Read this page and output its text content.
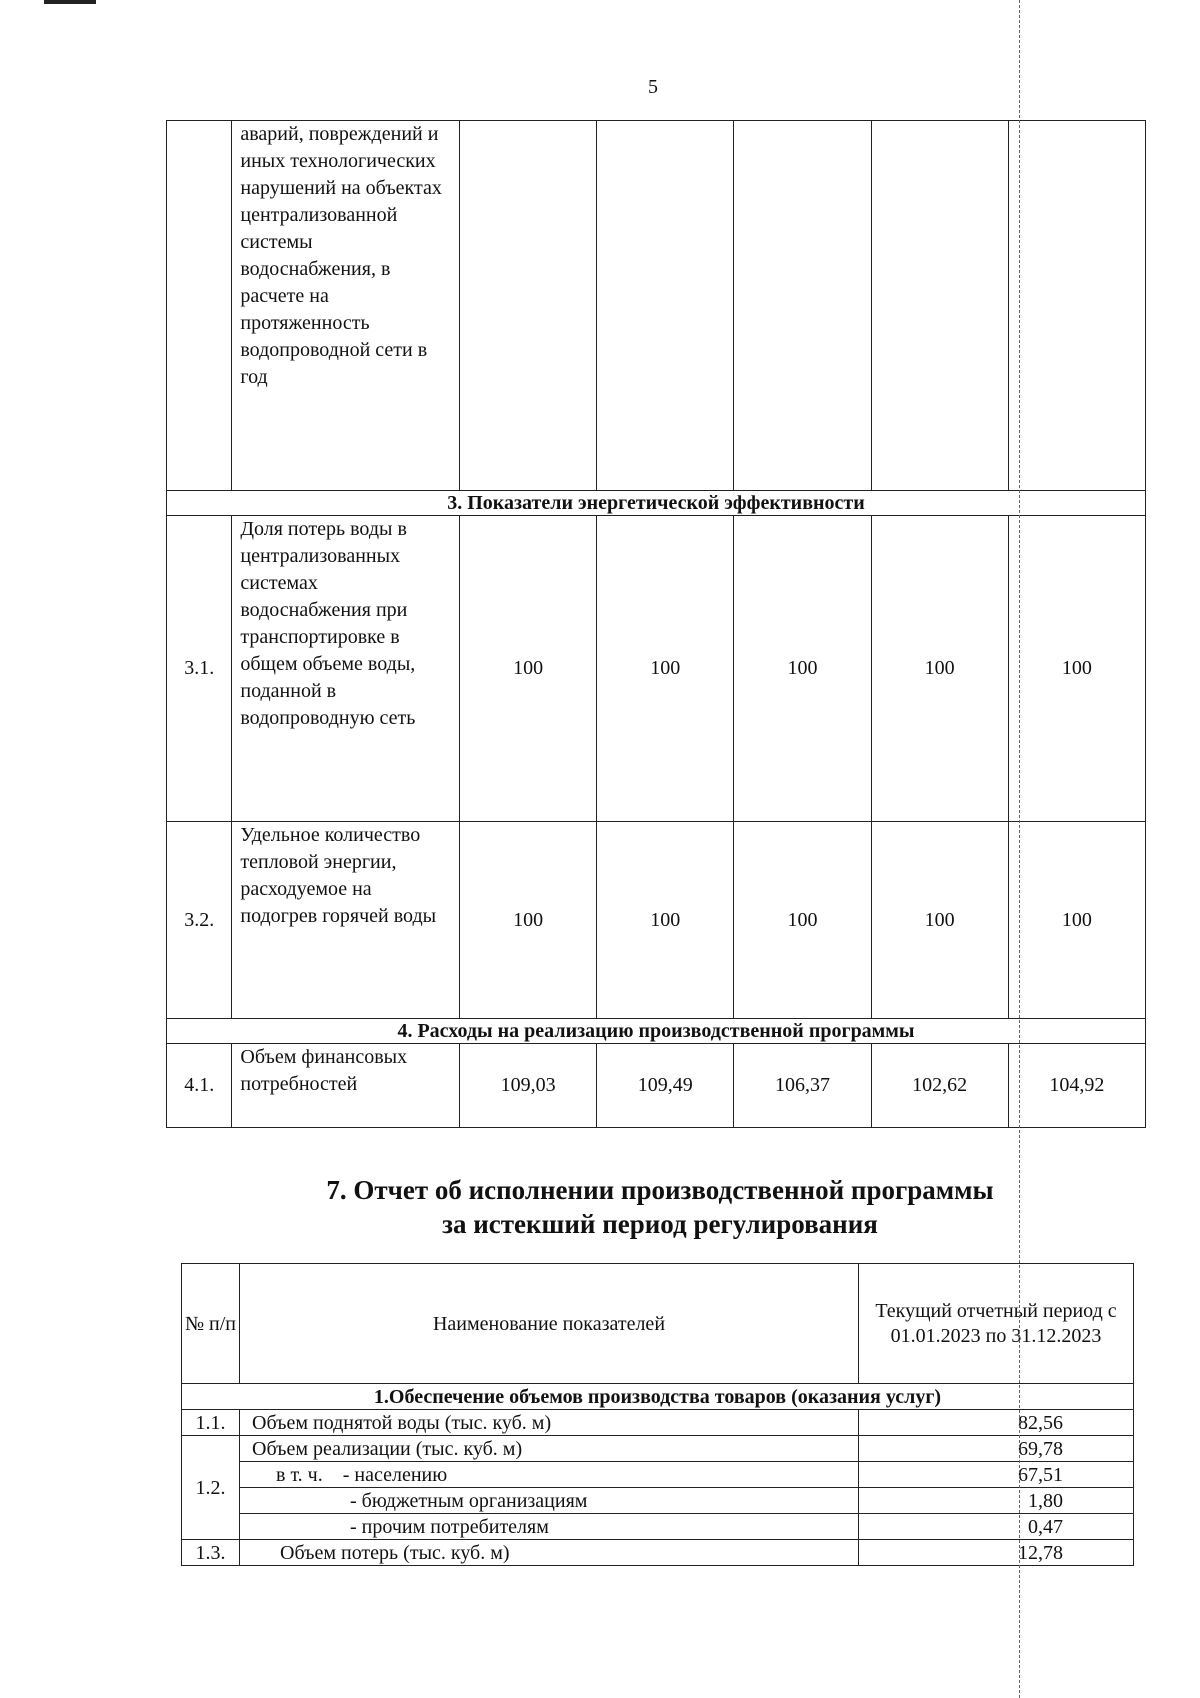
5
	аварий, повреждений и иных технологических нарушений на объектах централизованной системы водоснабжения, в расчете на протяженность водопроводной сети в год					
3. Показатели энергетической эффективности						
3.1.	Доля потерь воды в централизованных системах водоснабжения при транспортировке в общем объеме воды, поданной в водопроводную сеть	100	100	100	100	100
3.2.	Удельное количество тепловой энергии, расходуемое на подогрев горячей воды	100	100	100	100	100
4. Расходы на реализацию производственной программы						
4.1.	Объем финансовых потребностей	109,03	109,49	106,37	102,62	104,92
7. Отчет об исполнении производственной программы
за истекший период регулирования
№ п/п	Наименование показателей	Текущий отчетный период с 01.01.2023 по 31.12.2023
1.Обеспечение объемов производства товаров (оказания услуг)		
1.1.	Объем поднятой воды (тыс. куб. м)	82,56
1.2.	Объем реализации (тыс. куб. м)	69,78
	в т. ч.    - населению	67,51
	- бюджетным организациям	1,80
	- прочим потребителям	0,47
1.3.	Объем потерь (тыс. куб. м)	12,78
